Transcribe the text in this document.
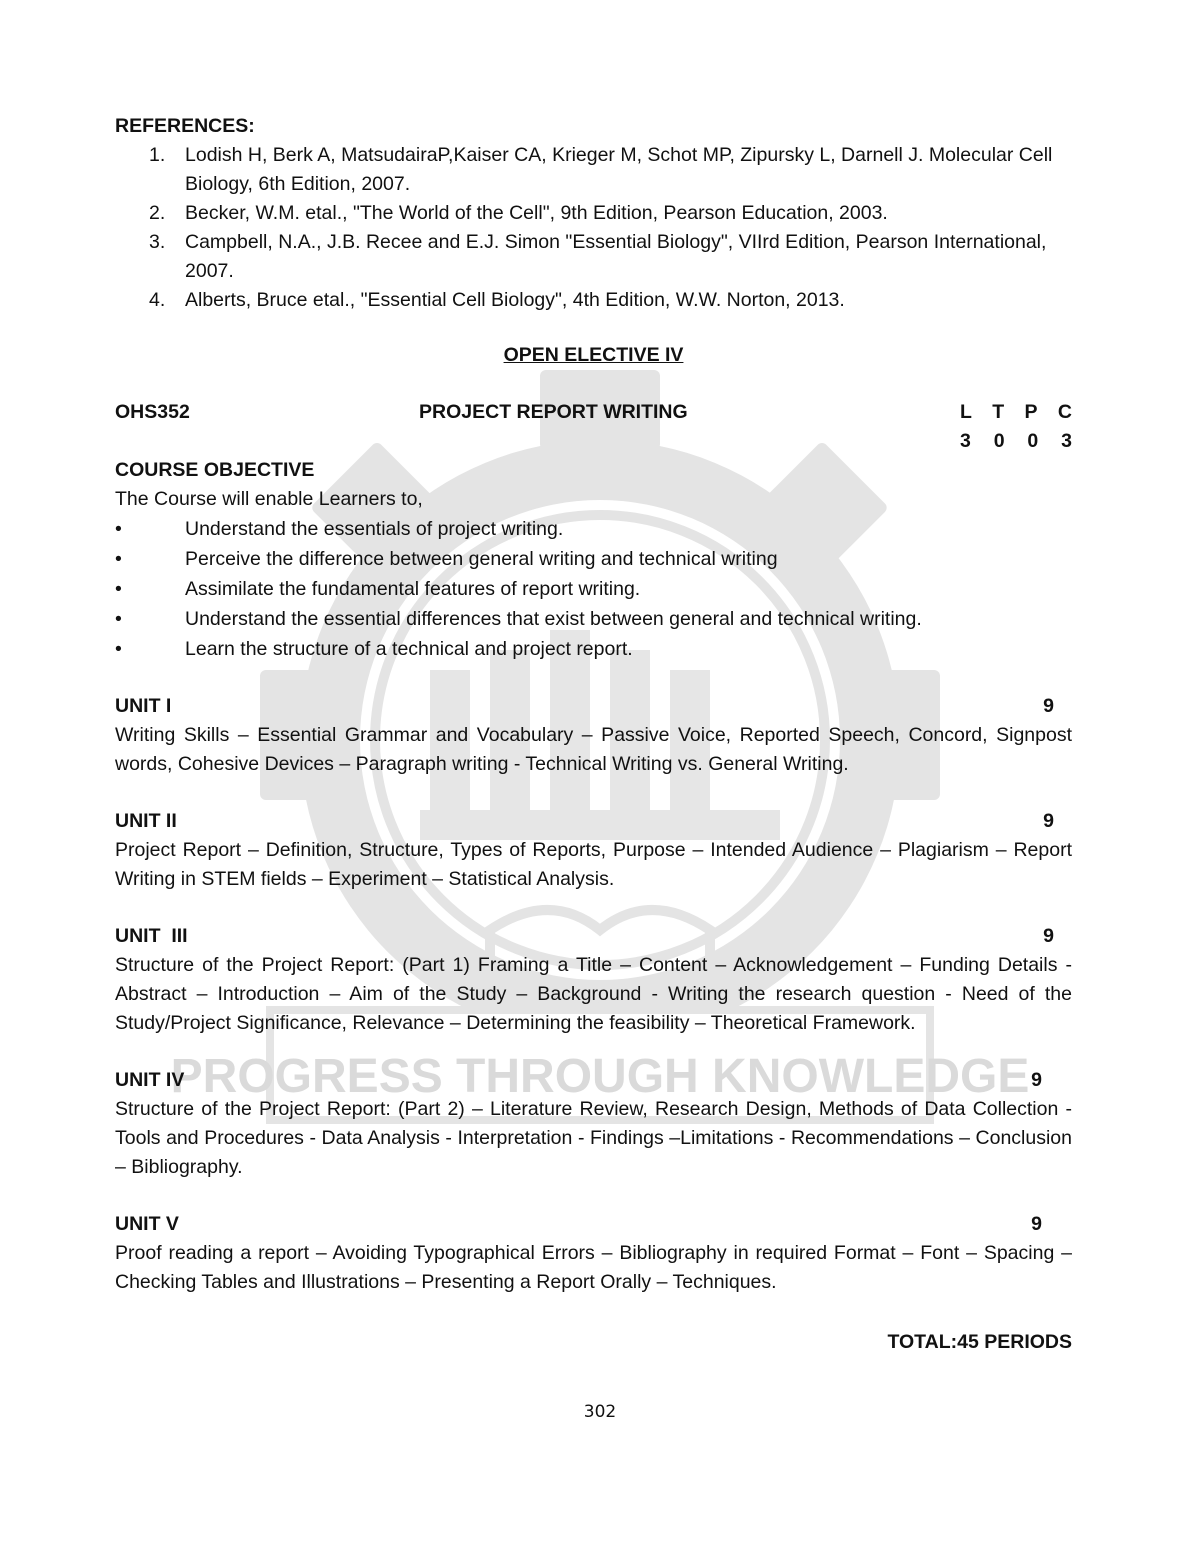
PROGRESS THROUGH KNOWLEDGE
REFERENCES:
1. Lodish H, Berk A, MatsudairaP,Kaiser CA, Krieger M, Schot MP, Zipursky L, Darnell J. Molecular Cell Biology, 6th Edition, 2007.
2. Becker, W.M. etal., "The World of the Cell", 9th Edition, Pearson Education, 2003.
3. Campbell, N.A., J.B. Recee and E.J. Simon "Essential Biology", VIIrd Edition, Pearson International, 2007.
4. Alberts, Bruce etal., "Essential Cell Biology", 4th Edition, W.W. Norton, 2013.
OPEN ELECTIVE IV
OHS352	PROJECT REPORT WRITING	L T P C
3 0 0 3
COURSE OBJECTIVE
The Course will enable Learners to,
•	Understand the essentials of project writing.
•	Perceive the difference between general writing and technical writing
•	Assimilate the fundamental features of report writing.
•	Understand the essential differences that exist between general and technical writing.
•	Learn the structure of a technical and project report.
UNIT I	9
Writing Skills – Essential Grammar and Vocabulary – Passive Voice, Reported Speech, Concord, Signpost words, Cohesive Devices – Paragraph writing - Technical Writing vs. General Writing.
UNIT II	9
Project Report – Definition, Structure, Types of Reports, Purpose – Intended Audience – Plagiarism – Report Writing in STEM fields – Experiment – Statistical Analysis.
UNIT  III	9
Structure of the Project Report: (Part 1) Framing a Title – Content – Acknowledgement – Funding Details -Abstract – Introduction – Aim of the Study – Background - Writing the research question - Need of the Study/Project Significance, Relevance – Determining the feasibility – Theoretical Framework.
UNIT IV	9
Structure of the Project Report: (Part 2) – Literature Review, Research Design, Methods of Data Collection - Tools and Procedures - Data Analysis - Interpretation - Findings –Limitations - Recommendations – Conclusion – Bibliography.
UNIT V	9
Proof reading a report – Avoiding Typographical Errors – Bibliography in required Format – Font – Spacing – Checking Tables and Illustrations – Presenting a Report Orally – Techniques.
TOTAL:45 PERIODS
302
